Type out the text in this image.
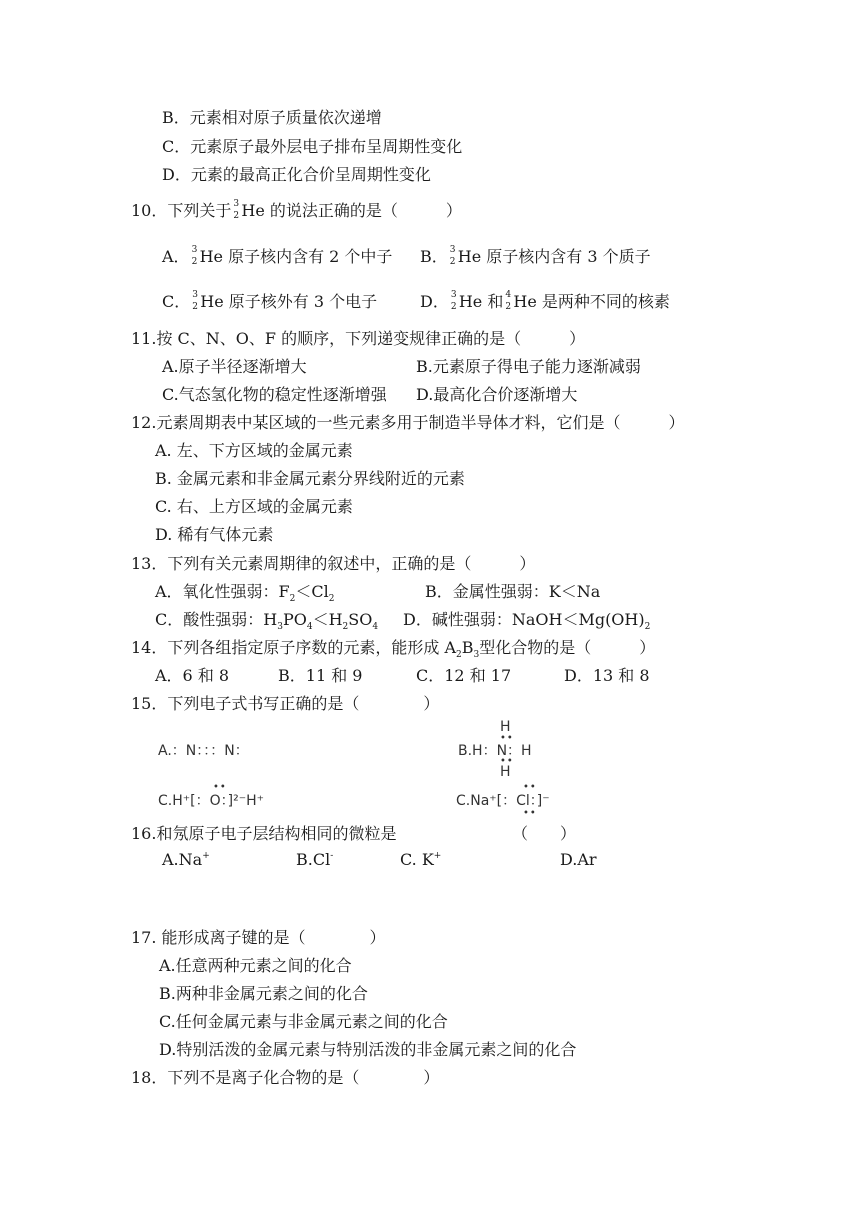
B．元素相对原子质量依次递增
C．元素原子最外层电子排布呈周期性变化
D．元素的最高正化合价呈周期性变化
10．下列关于 3
2 He 的说法正确的是（　　　）
A． 3
2 He 原子核内含有 2 个中子 B． 3
2 He 原子核内含有 3 个质子
C． 3
2 He 原子核外有 3 个电子	D． 3
2 He 和 4
2 He 是两种不同的核素
11.按 C、N、O、F 的顺序，下列递变规律正确的是（　　　）
A.原子半径逐渐增大	B.元素原子得电子能力逐渐减弱
C.气态氢化物的稳定性逐渐增强 D.最高化合价逐渐增大
12.元素周期表中某区域的一些元素多用于制造半导体才料，它们是（　　　）
A. 左、下方区域的金属元素
B. 金属元素和非金属元素分界线附近的元素
C. 右、上方区域的金属元素
D. 稀有气体元素
13．下列有关元素周期律的叙述中，正确的是（　　　）
A．氧化性强弱：$F_2<Cl_2$	B．金属性强弱：K＜Na
C．酸性强弱：$H_3PO_4<H_2SO_4$ D．碱性强弱：$NaOH<Mg(OH)_2$
14．下列各组指定原子序数的元素，能形成 $A_2B_3$型化合物的是（　　　）
A．6 和 8	B．11 和 9	C．12 和 17	D．13 和 8
15．下列电子式书写正确的是（　　　　）
A.：N：：：N：
H
••
B.H：N：H
••
H
••
C.H⁺[：O：]²⁻H⁺
••
C.Na⁺[：Cl：]⁻
••
16.和氖原子电子层结构相同的微粒是	（　　）
A.Na+	B.Cl-	C. K+	D.Ar
17. 能形成离子键的是（　　　　）
A.任意两种元素之间的化合
B.两种非金属元素之间的化合
C.任何金属元素与非金属元素之间的化合
D.特别活泼的金属元素与特别活泼的非金属元素之间的化合
18．下列不是离子化合物的是（　　　　）
